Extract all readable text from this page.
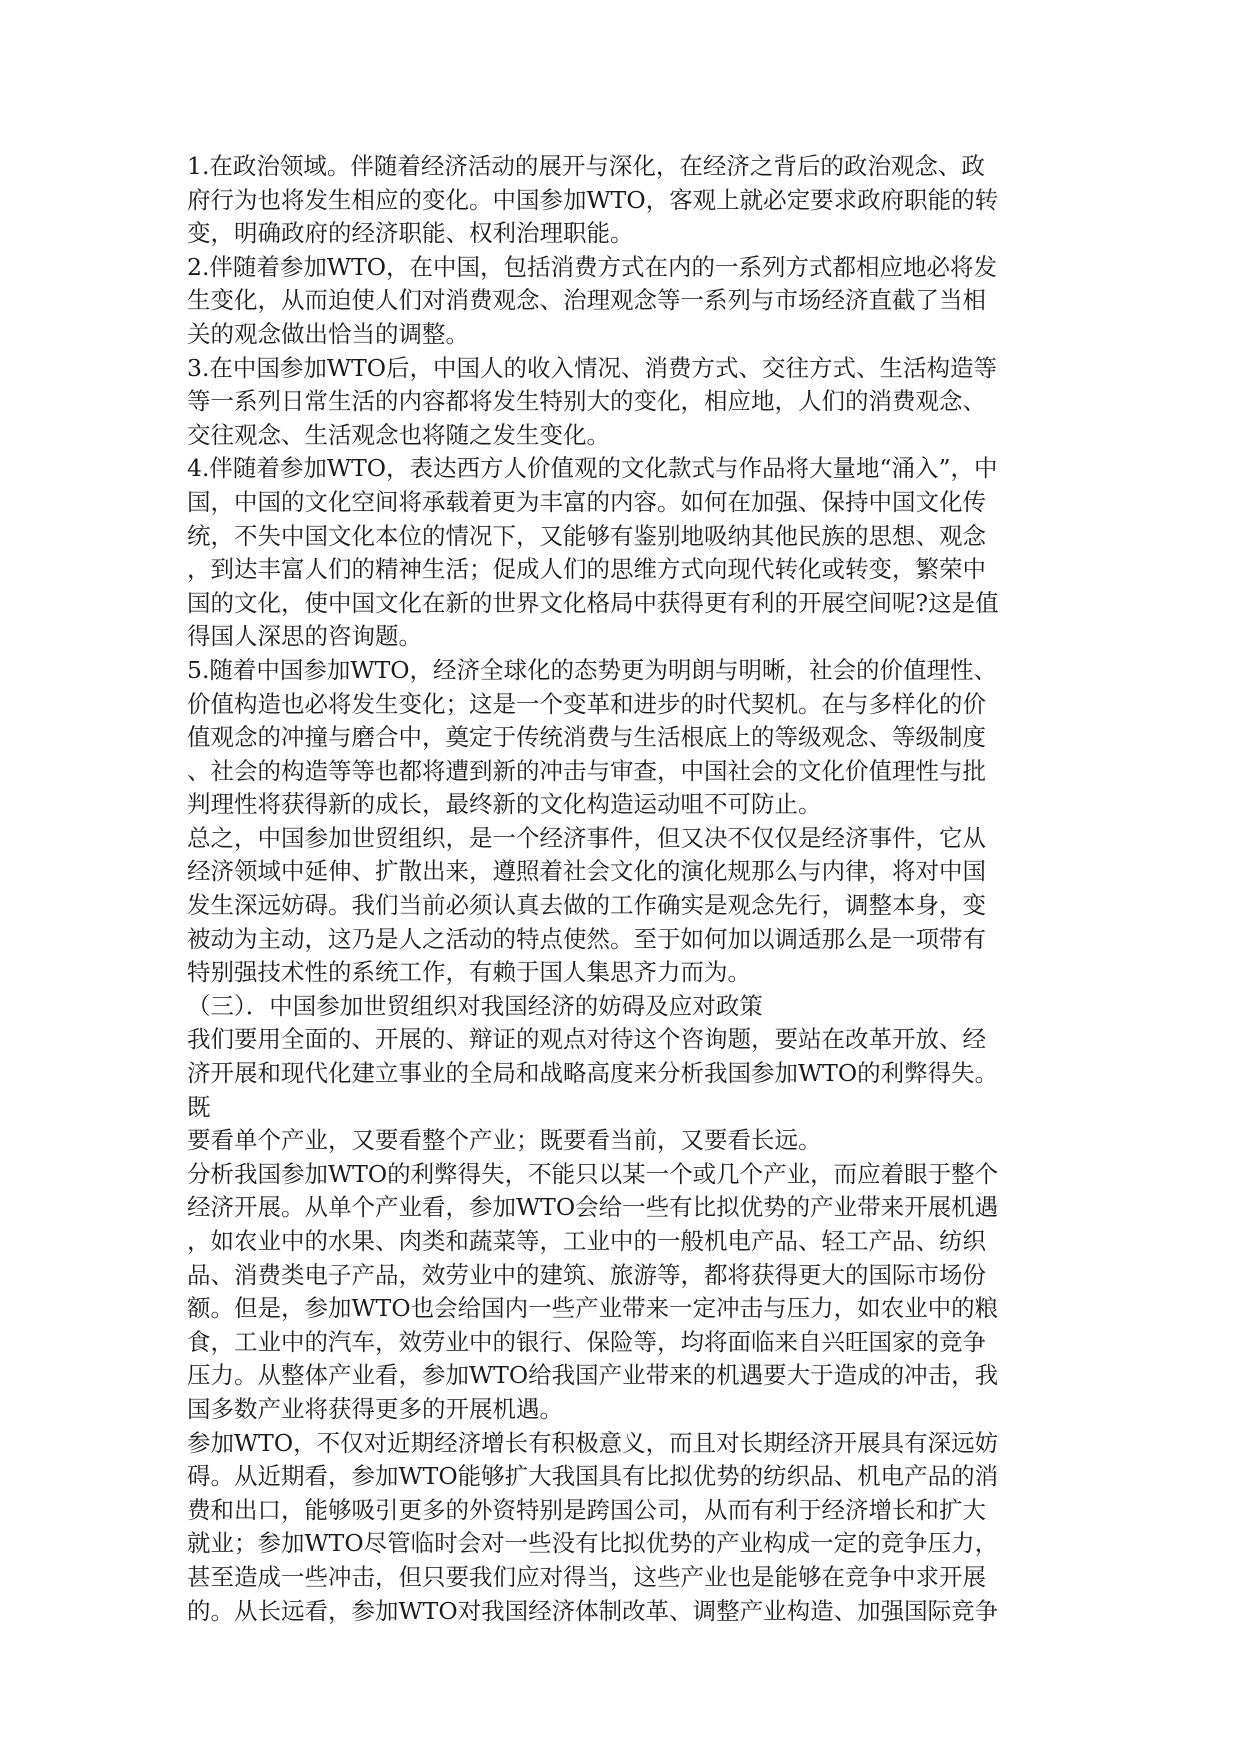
1.在政治领域。伴随着经济活动的展开与深化，在经济之背后的政治观念、政
府行为也将发生相应的变化。中国参加WTO，客观上就必定要求政府职能的转
变，明确政府的经济职能、权利治理职能。
2.伴随着参加WTO，在中国，包括消费方式在内的一系列方式都相应地必将发
生变化，从而迫使人们对消费观念、治理观念等一系列与市场经济直截了当相
关的观念做出恰当的调整。
3.在中国参加WTO后，中国人的收入情况、消费方式、交往方式、生活构造等
等一系列日常生活的内容都将发生特别大的变化，相应地，人们的消费观念、
交往观念、生活观念也将随之发生变化。
4.伴随着参加WTO，表达西方人价值观的文化款式与作品将大量地“涌入”，中
国，中国的文化空间将承载着更为丰富的内容。如何在加强、保持中国文化传
统，不失中国文化本位的情况下，又能够有鉴别地吸纳其他民族的思想、观念
，到达丰富人们的精神生活；促成人们的思维方式向现代转化或转变，繁荣中
国的文化，使中国文化在新的世界文化格局中获得更有利的开展空间呢?这是值
得国人深思的咨询题。
5.随着中国参加WTO，经济全球化的态势更为明朗与明晰，社会的价值理性、
价值构造也必将发生变化；这是一个变革和进步的时代契机。在与多样化的价
值观念的冲撞与磨合中，奠定于传统消费与生活根底上的等级观念、等级制度
、社会的构造等等也都将遭到新的冲击与审查，中国社会的文化价值理性与批
判理性将获得新的成长，最终新的文化构造运动咀不可防止。
总之，中国参加世贸组织，是一个经济事件，但又决不仅仅是经济事件，它从
经济领域中延伸、扩散出来，遵照着社会文化的演化规那么与内律，将对中国
发生深远妨碍。我们当前必须认真去做的工作确实是观念先行，调整本身，变
被动为主动，这乃是人之活动的特点使然。至于如何加以调适那么是一项带有
特别强技术性的系统工作，有赖于国人集思齐力而为。
（三）．中国参加世贸组织对我国经济的妨碍及应对政策
我们要用全面的、开展的、辩证的观点对待这个咨询题，要站在改革开放、经
济开展和现代化建立事业的全局和战略高度来分析我国参加WTO的利弊得失。
既
要看单个产业，又要看整个产业；既要看当前，又要看长远。
分析我国参加WTO的利弊得失，不能只以某一个或几个产业，而应着眼于整个
经济开展。从单个产业看，参加WTO会给一些有比拟优势的产业带来开展机遇
，如农业中的水果、肉类和蔬菜等，工业中的一般机电产品、轻工产品、纺织
品、消费类电子产品，效劳业中的建筑、旅游等，都将获得更大的国际市场份
额。但是，参加WTO也会给国内一些产业带来一定冲击与压力，如农业中的粮
食，工业中的汽车，效劳业中的银行、保险等，均将面临来自兴旺国家的竞争
压力。从整体产业看，参加WTO给我国产业带来的机遇要大于造成的冲击，我
国多数产业将获得更多的开展机遇。
参加WTO，不仅对近期经济增长有积极意义，而且对长期经济开展具有深远妨
碍。从近期看，参加WTO能够扩大我国具有比拟优势的纺织品、机电产品的消
费和出口，能够吸引更多的外资特别是跨国公司，从而有利于经济增长和扩大
就业；参加WTO尽管临时会对一些没有比拟优势的产业构成一定的竞争压力，
甚至造成一些冲击，但只要我们应对得当，这些产业也是能够在竞争中求开展
的。从长远看，参加WTO对我国经济体制改革、调整产业构造、加强国际竞争
